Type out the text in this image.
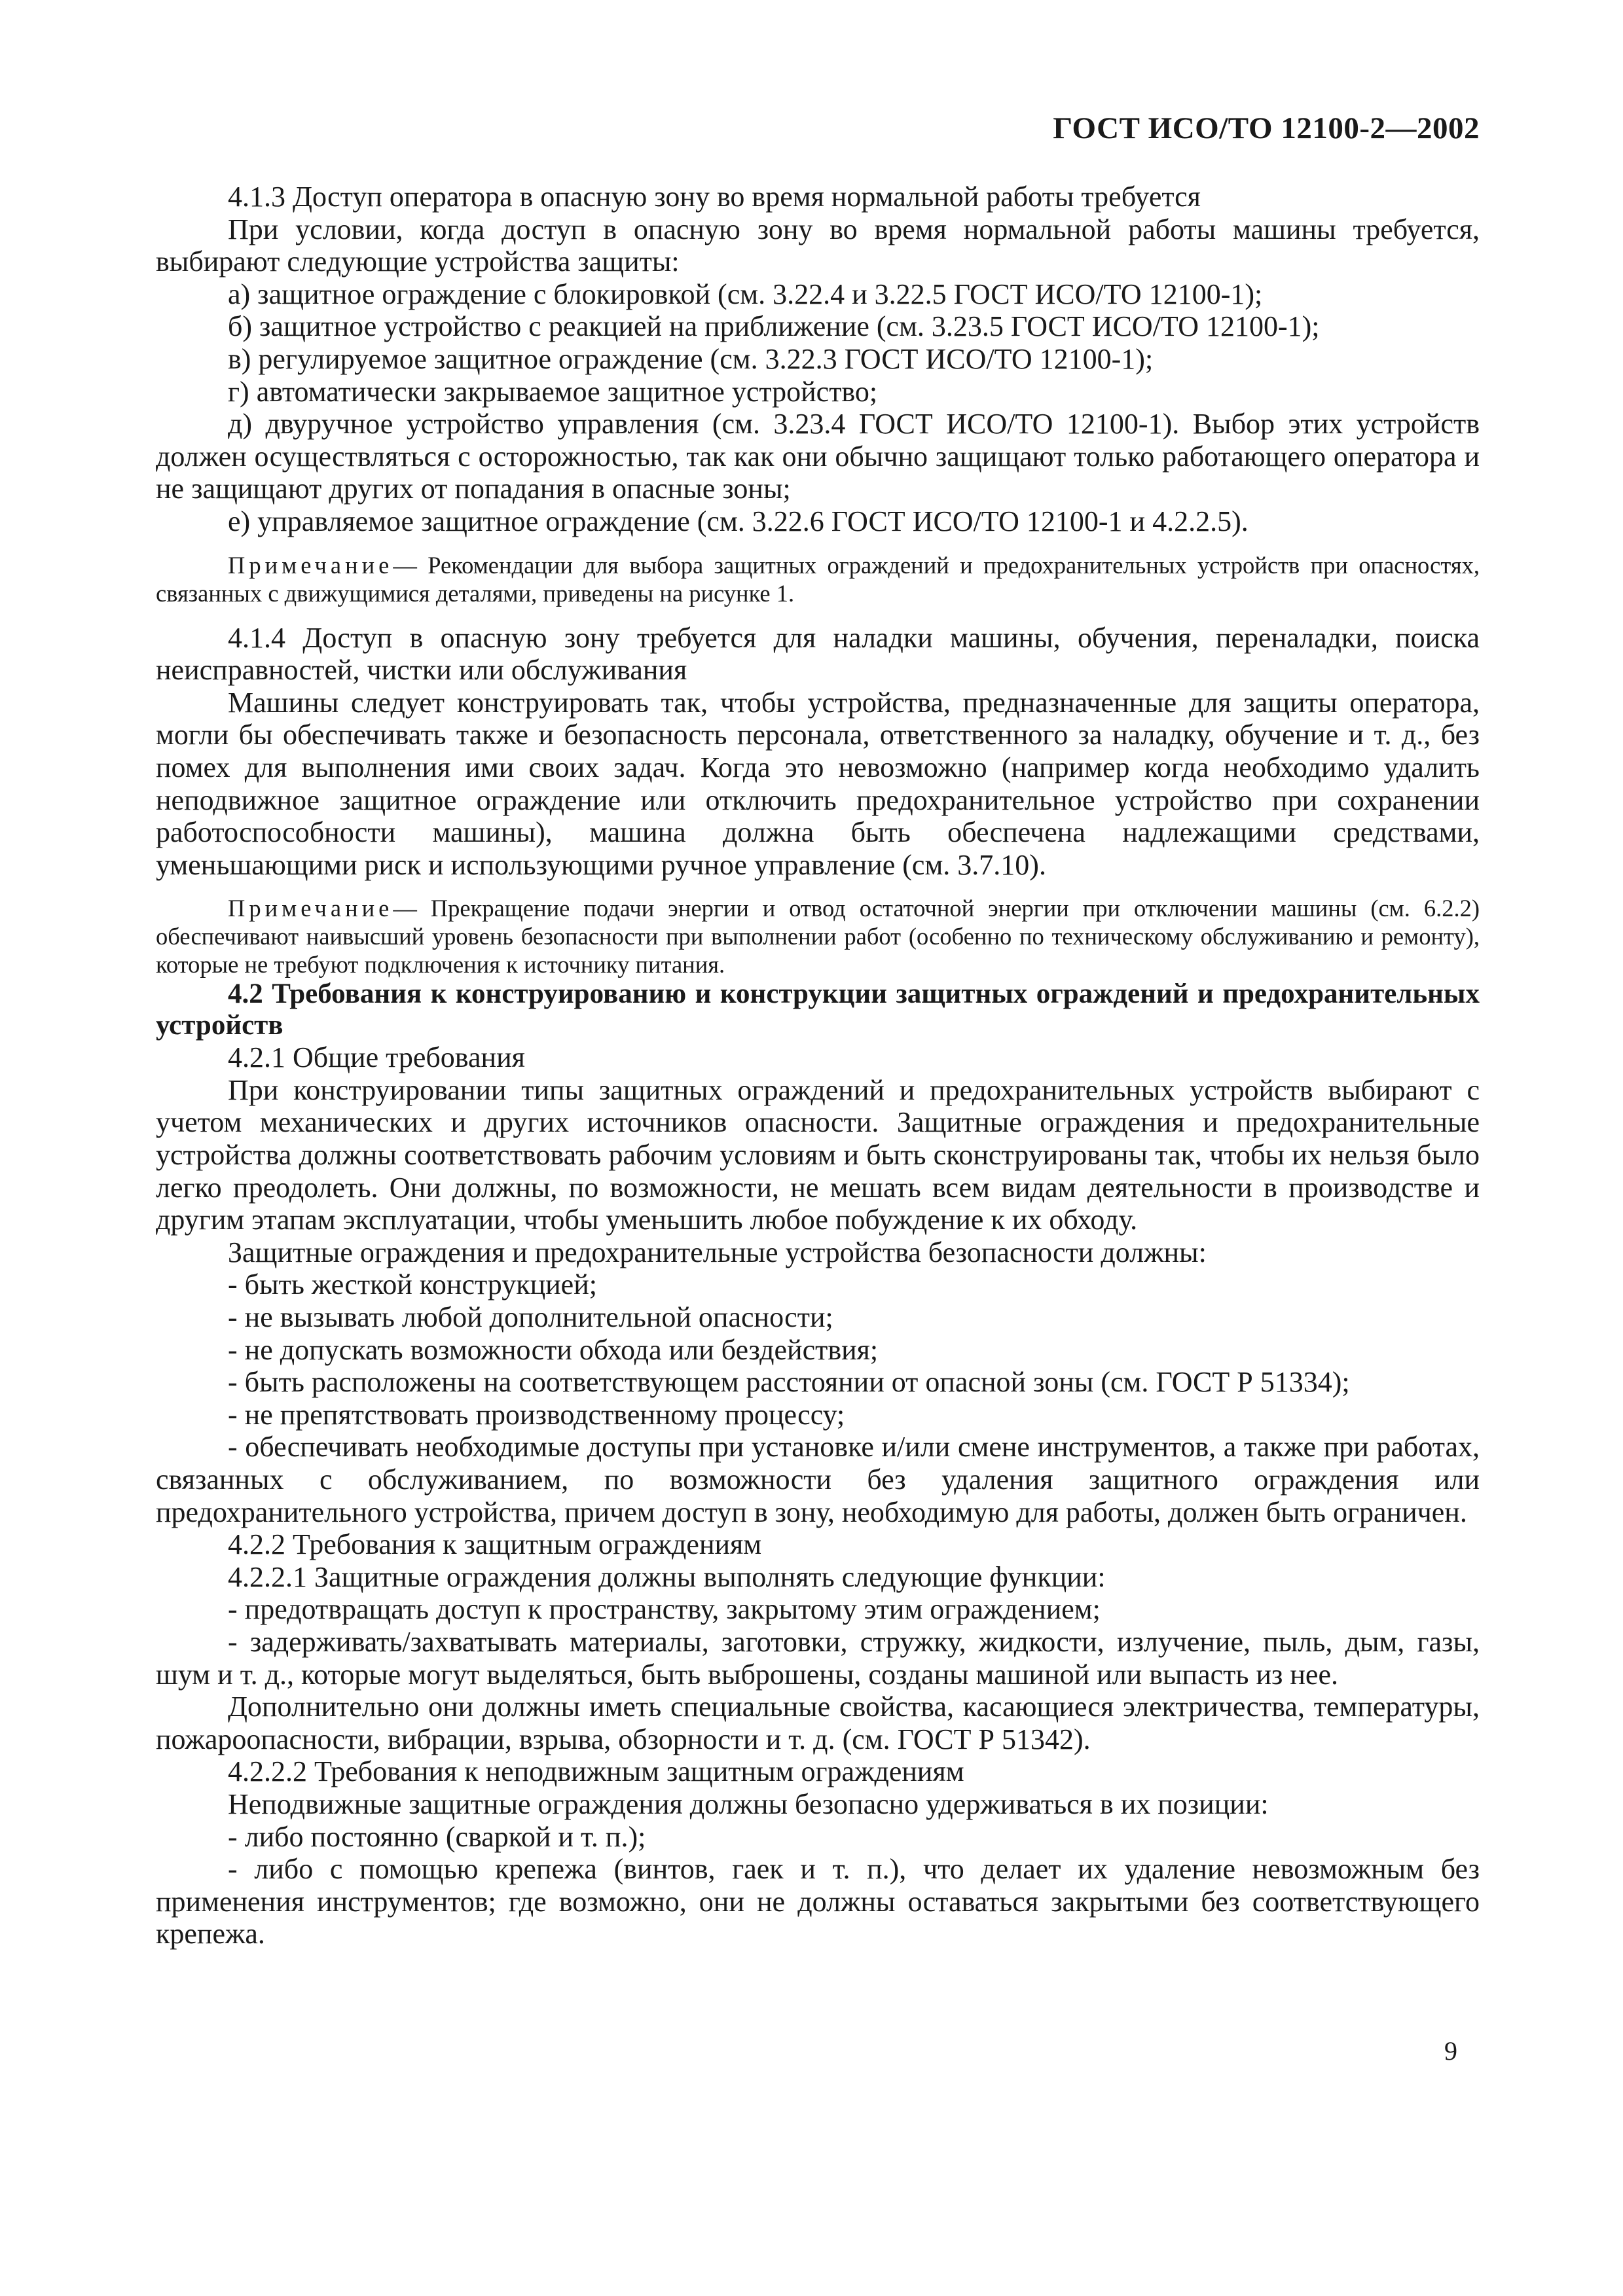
ГОСТ ИСО/ТО 12100-2—2002

4.1.3 Доступ оператора в опасную зону во время нормальной работы требуется

При условии, когда доступ в опасную зону во время нормальной работы машины требуется, выбирают следующие устройства защиты:

а) защитное ограждение с блокировкой (см. 3.22.4 и 3.22.5 ГОСТ ИСО/ТО 12100-1);

б) защитное устройство с реакцией на приближение (см. 3.23.5 ГОСТ ИСО/ТО 12100-1);

в) регулируемое защитное ограждение (см. 3.22.3 ГОСТ ИСО/ТО 12100-1);

г) автоматически закрываемое защитное устройство;

д) двуручное устройство управления (см. 3.23.4 ГОСТ ИСО/ТО 12100-1). Выбор этих устройств должен осуществляться с осторожностью, так как они обычно защищают только работающего оператора и не защищают других от попадания в опасные зоны;

е) управляемое защитное ограждение (см. 3.22.6 ГОСТ ИСО/ТО 12100-1 и 4.2.2.5).

Примечание— Рекомендации для выбора защитных ограждений и предохранительных устройств при опасностях, связанных с движущимися деталями, приведены на рисунке 1.

4.1.4 Доступ в опасную зону требуется для наладки машины, обучения, переналадки, поиска неисправностей, чистки или обслуживания

Машины следует конструировать так, чтобы устройства, предназначенные для защиты оператора, могли бы обеспечивать также и безопасность персонала, ответственного за наладку, обучение и т. д., без помех для выполнения ими своих задач. Когда это невозможно (например когда необходимо удалить неподвижное защитное ограждение или отключить предохранительное устройство при сохранении работоспособности машины), машина должна быть обеспечена надлежащими средствами, уменьшающими риск и использующими ручное управление (см. 3.7.10).

Примечание— Прекращение подачи энергии и отвод остаточной энергии при отключении машины (см. 6.2.2) обеспечивают наивысший уровень безопасности при выполнении работ (особенно по техническому обслуживанию и ремонту), которые не требуют подключения к источнику питания.

4.2 Требования к конструированию и конструкции защитных ограждений и предохранительных устройств

4.2.1 Общие требования

При конструировании типы защитных ограждений и предохранительных устройств выбирают с учетом механических и других источников опасности. Защитные ограждения и предохранительные устройства должны соответствовать рабочим условиям и быть сконструированы так, чтобы их нельзя было легко преодолеть. Они должны, по возможности, не мешать всем видам деятельности в производстве и другим этапам эксплуатации, чтобы уменьшить любое побуждение к их обходу.

Защитные ограждения и предохранительные устройства безопасности должны:

- быть жесткой конструкцией;

- не вызывать любой дополнительной опасности;

- не допускать возможности обхода или бездействия;

- быть расположены на соответствующем расстоянии от опасной зоны (см. ГОСТ Р 51334);

- не препятствовать производственному процессу;

- обеспечивать необходимые доступы при установке и/или смене инструментов, а также при работах, связанных с обслуживанием, по возможности без удаления защитного ограждения или предохранительного устройства, причем доступ в зону, необходимую для работы, должен быть ограничен.

4.2.2 Требования к защитным ограждениям

4.2.2.1 Защитные ограждения должны выполнять следующие функции:

- предотвращать доступ к пространству, закрытому этим ограждением;

- задерживать/захватывать материалы, заготовки, стружку, жидкости, излучение, пыль, дым, газы, шум и т. д., которые могут выделяться, быть выброшены, созданы машиной или выпасть из нее.

Дополнительно они должны иметь специальные свойства, касающиеся электричества, температуры, пожароопасности, вибрации, взрыва, обзорности и т. д. (см. ГОСТ Р 51342).

4.2.2.2 Требования к неподвижным защитным ограждениям

Неподвижные защитные ограждения должны безопасно удерживаться в их позиции:

- либо постоянно (сваркой и т. п.);

- либо с помощью крепежа (винтов, гаек и т. п.), что делает их удаление невозможным без применения инструментов; где возможно, они не должны оставаться закрытыми без соответствующего крепежа.

9
